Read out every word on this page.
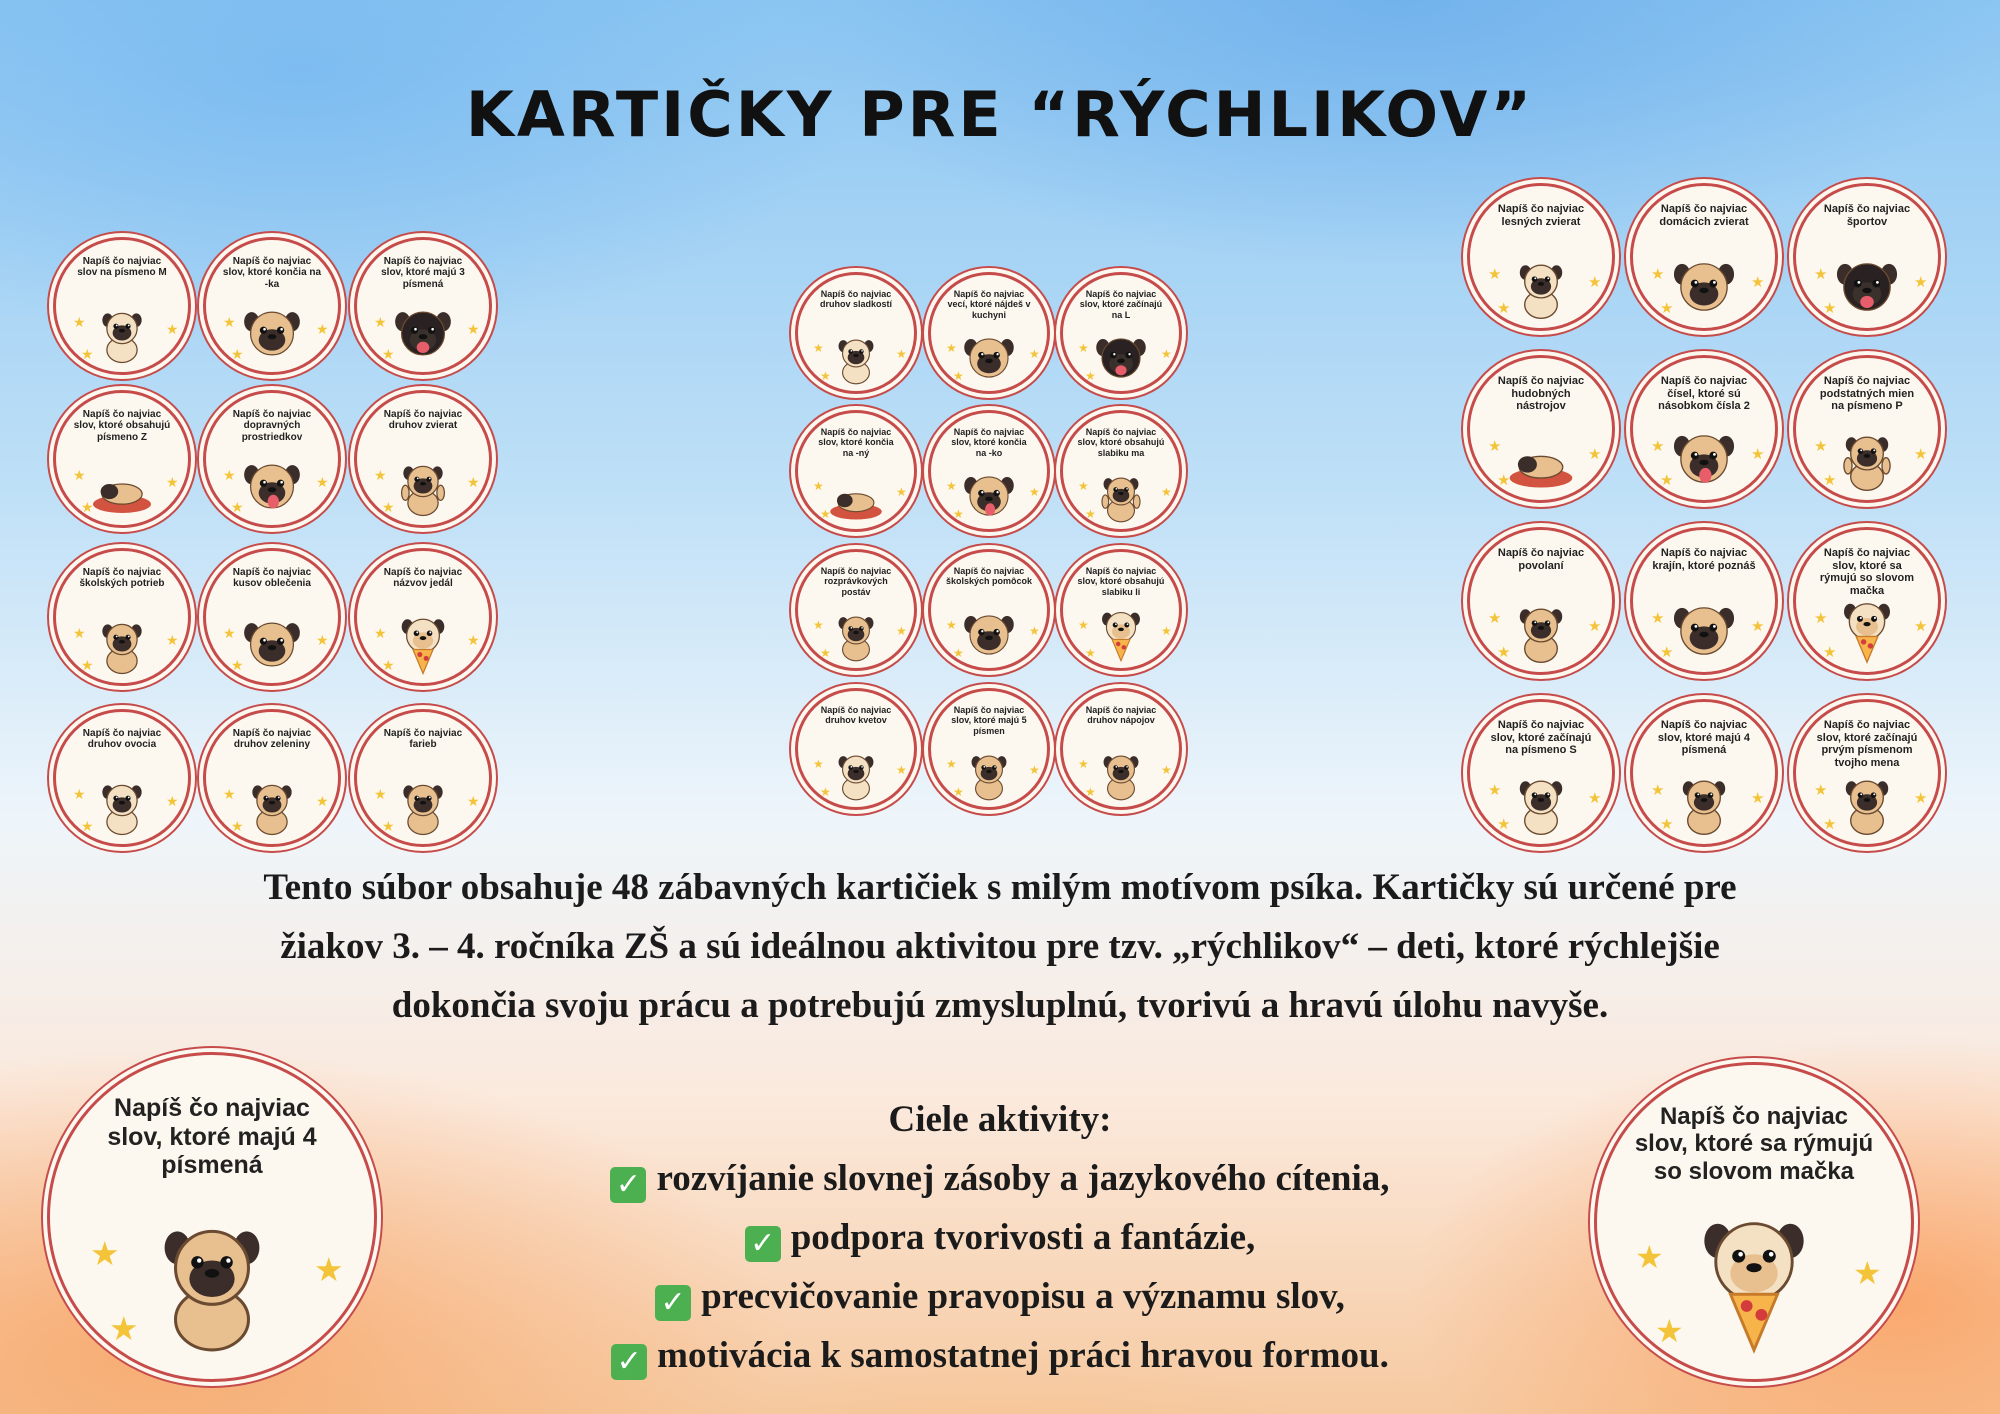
KARTIČKY PRE “RÝCHLIKOV”
Napíš čo najviac slov na písmeno M
★	★
★
Napíš čo najviac slov, ktoré končia na -ka
★	★
★
Napíš čo najviac slov, ktoré majú 3 písmená
★	★
★
Napíš čo najviac slov, ktoré obsahujú písmeno Z
★	★
★
Napíš čo najviac dopravných prostriedkov
★	★
★
Napíš čo najviac druhov zvierat
★	★
★
Napíš čo najviac školských potrieb
★	★
★
Napíš čo najviac kusov oblečenia
★	★
★
Napíš čo najviac názvov jedál
★	★
★
Napíš čo najviac druhov ovocia
★	★
★
Napíš čo najviac druhov zeleniny
★	★
★
Napíš čo najviac farieb
★	★
★
Napíš čo najviac druhov sladkostí
★	★
★
Napíš čo najviac vecí, ktoré nájdeš v kuchyni
★	★
★
Napíš čo najviac slov, ktoré začínajú na L
★	★
★
Napíš čo najviac slov, ktoré končia na -ný
★	★
★
Napíš čo najviac slov, ktoré končia na -ko
★	★
★
Napíš čo najviac slov, ktoré obsahujú slabiku ma
★	★
★
Napíš čo najviac rozprávkových postáv
★	★
★
Napíš čo najviac školských pomôcok
★	★
★
Napíš čo najviac slov, ktoré obsahujú slabiku li
★	★
★
Napíš čo najviac druhov kvetov
★	★
★
Napíš čo najviac slov, ktoré majú 5 písmen
★	★
★
Napíš čo najviac druhov nápojov
★	★
★
Napíš čo najviac lesných zvierat
★	★
★
Napíš čo najviac domácich zvierat
★	★
★
Napíš čo najviac športov
★	★
★
Napíš čo najviac hudobných nástrojov
★	★
★
Napíš čo najviac čísel, ktoré sú násobkom čísla 2
★	★
★
Napíš čo najviac podstatných mien na písmeno P
★	★
★
Napíš čo najviac povolaní
★	★
★
Napíš čo najviac krajín, ktoré poznáš
★	★
★
Napíš čo najviac slov, ktoré sa rýmujú so slovom mačka
★	★
★
Napíš čo najviac slov, ktoré začínajú na písmeno S
★	★
★
Napíš čo najviac slov, ktoré majú 4 písmená
★	★
★
Napíš čo najviac slov, ktoré začínajú prvým písmenom tvojho mena
★	★
★
Napíš čo najviac slov, ktoré majú 4 písmená
★	★
★
Napíš čo najviac slov, ktoré sa rýmujú so slovom mačka
★	★
★
Tento súbor obsahuje 48 zábavných kartičiek s milým motívom psíka. Kartičky sú určené pre
žiakov 3. – 4. ročníka ZŠ a sú ideálnou aktivitou pre tzv. „rýchlikov“ – deti, ktoré rýchlejšie
dokončia svoju prácu a potrebujú zmysluplnú, tvorivú a hravú úlohu navyše.
Ciele aktivity:
✓ rozvíjanie slovnej zásoby a jazykového cítenia,
✓ podpora tvorivosti a fantázie,
✓ precvičovanie pravopisu a významu slov,
✓ motivácia k samostatnej práci hravou formou.
